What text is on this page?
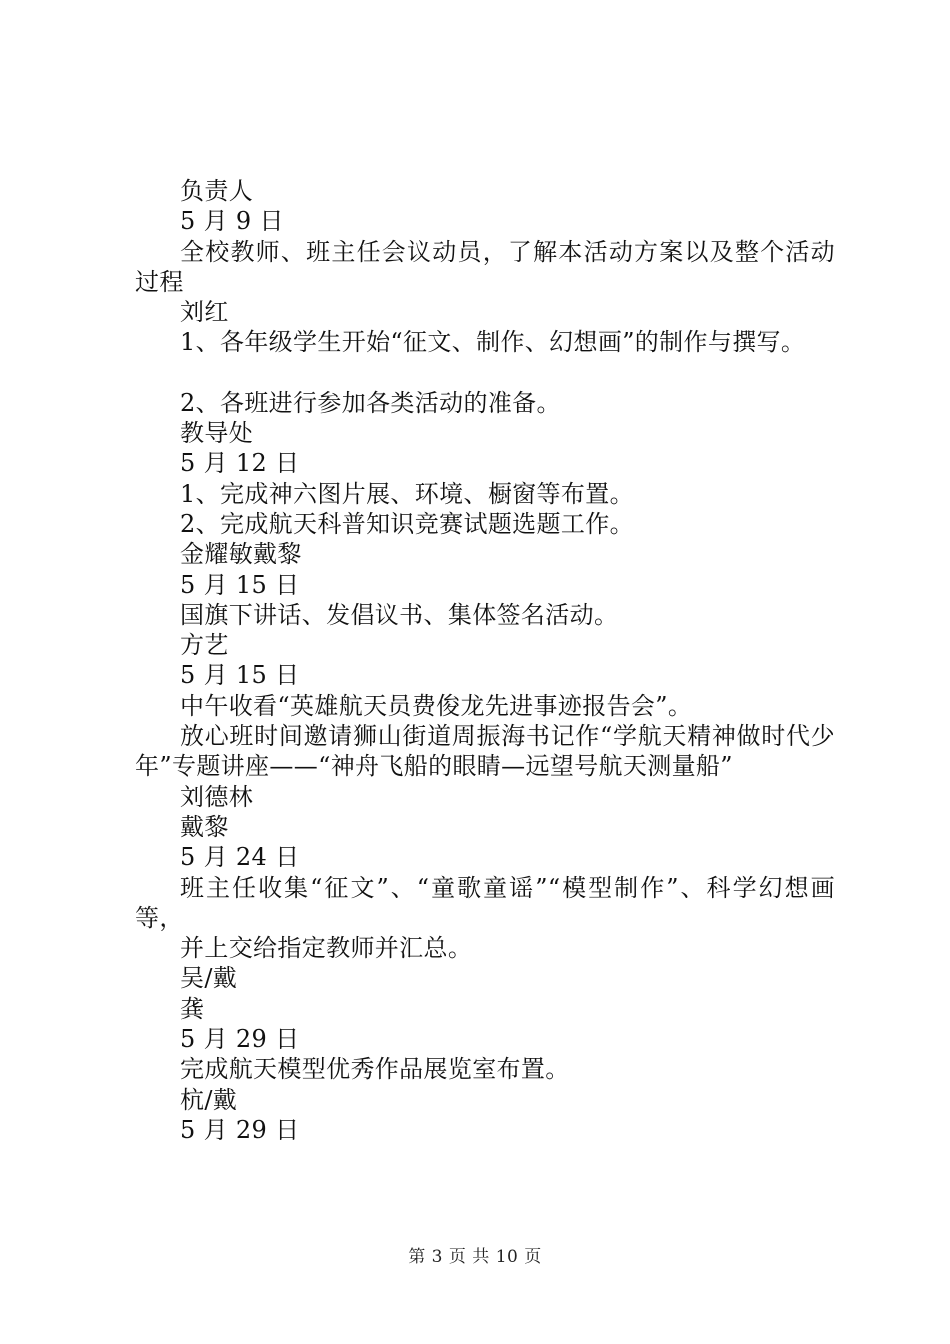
负责人

5 月 9 日

全校教师、班主任会议动员，了解本活动方案以及整个活动过程

刘红

1、各年级学生开始“征文、制作、幻想画”的制作与撰写。

2、各班进行参加各类活动的准备。

教导处

5 月 12 日

1、完成神六图片展、环境、橱窗等布置。

2、完成航天科普知识竞赛试题选题工作。

金耀敏戴黎

5 月 15 日

国旗下讲话、发倡议书、集体签名活动。

方艺

5 月 15 日

中午收看“英雄航天员费俊龙先进事迹报告会”。

放心班时间邀请狮山街道周振海书记作“学航天精神做时代少年”专题讲座——“神舟飞船的眼睛—远望号航天测量船”

刘德林

戴黎

5 月 24 日

班主任收集“征文”、“童歌童谣”“模型制作”、科学幻想画等，

并上交给指定教师并汇总。

吴/戴

龚

5 月 29 日

完成航天模型优秀作品展览室布置。

杭/戴

5 月 29 日

第 3 页 共 10 页
